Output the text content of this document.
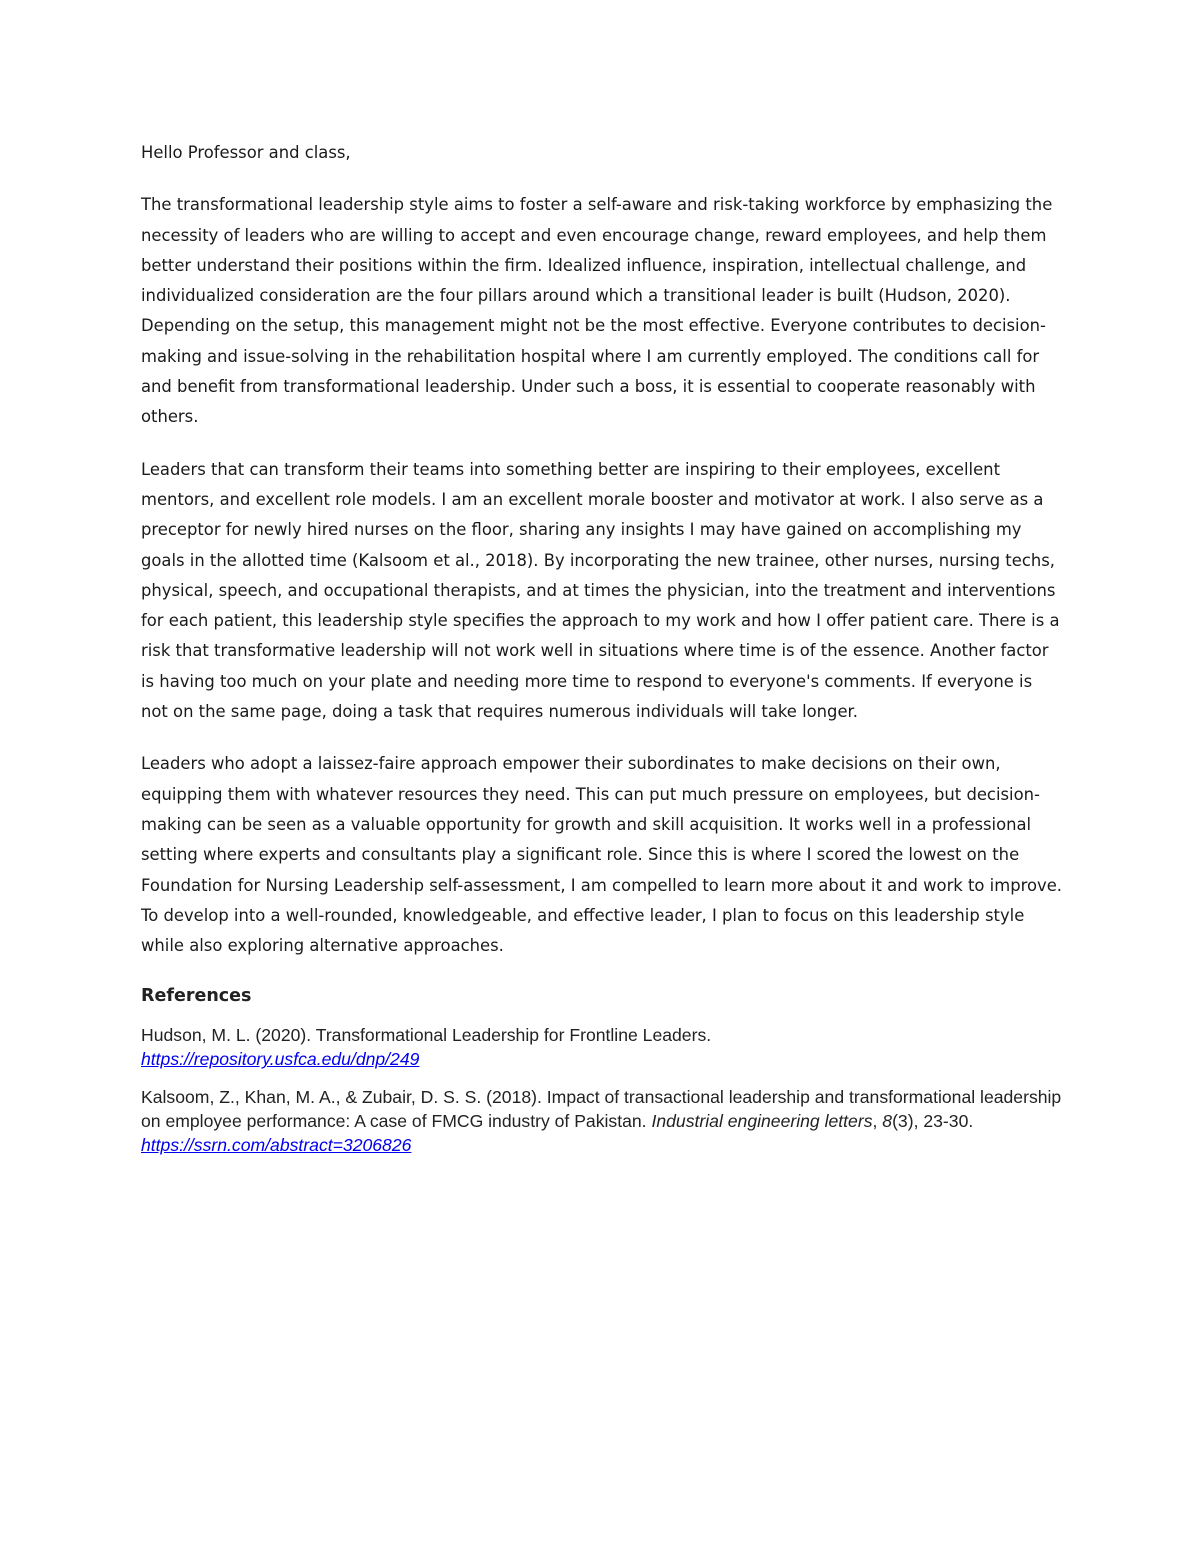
Hello Professor and class,

The transformational leadership style aims to foster a self-aware and risk-taking workforce by emphasizing the necessity of leaders who are willing to accept and even encourage change, reward employees, and help them better understand their positions within the firm. Idealized influence, inspiration, intellectual challenge, and individualized consideration are the four pillars around which a transitional leader is built (Hudson, 2020). Depending on the setup, this management might not be the most effective. Everyone contributes to decision-making and issue-solving in the rehabilitation hospital where I am currently employed. The conditions call for and benefit from transformational leadership. Under such a boss, it is essential to cooperate reasonably with others.

Leaders that can transform their teams into something better are inspiring to their employees, excellent mentors, and excellent role models. I am an excellent morale booster and motivator at work. I also serve as a preceptor for newly hired nurses on the floor, sharing any insights I may have gained on accomplishing my goals in the allotted time (Kalsoom et al., 2018). By incorporating the new trainee, other nurses, nursing techs, physical, speech, and occupational therapists, and at times the physician, into the treatment and interventions for each patient, this leadership style specifies the approach to my work and how I offer patient care. There is a risk that transformative leadership will not work well in situations where time is of the essence. Another factor is having too much on your plate and needing more time to respond to everyone's comments. If everyone is not on the same page, doing a task that requires numerous individuals will take longer.

Leaders who adopt a laissez-faire approach empower their subordinates to make decisions on their own, equipping them with whatever resources they need. This can put much pressure on employees, but decision-making can be seen as a valuable opportunity for growth and skill acquisition. It works well in a professional setting where experts and consultants play a significant role. Since this is where I scored the lowest on the Foundation for Nursing Leadership self-assessment, I am compelled to learn more about it and work to improve. To develop into a well-rounded, knowledgeable, and effective leader, I plan to focus on this leadership style while also exploring alternative approaches.

References
Hudson, M. L. (2020). Transformational Leadership for Frontline Leaders.
https://repository.usfca.edu/dnp/249
Kalsoom, Z., Khan, M. A., & Zubair, D. S. S. (2018). Impact of transactional leadership and transformational leadership on employee performance: A case of FMCG industry of Pakistan. Industrial engineering letters, 8(3), 23-30. https://ssrn.com/abstract=3206826
